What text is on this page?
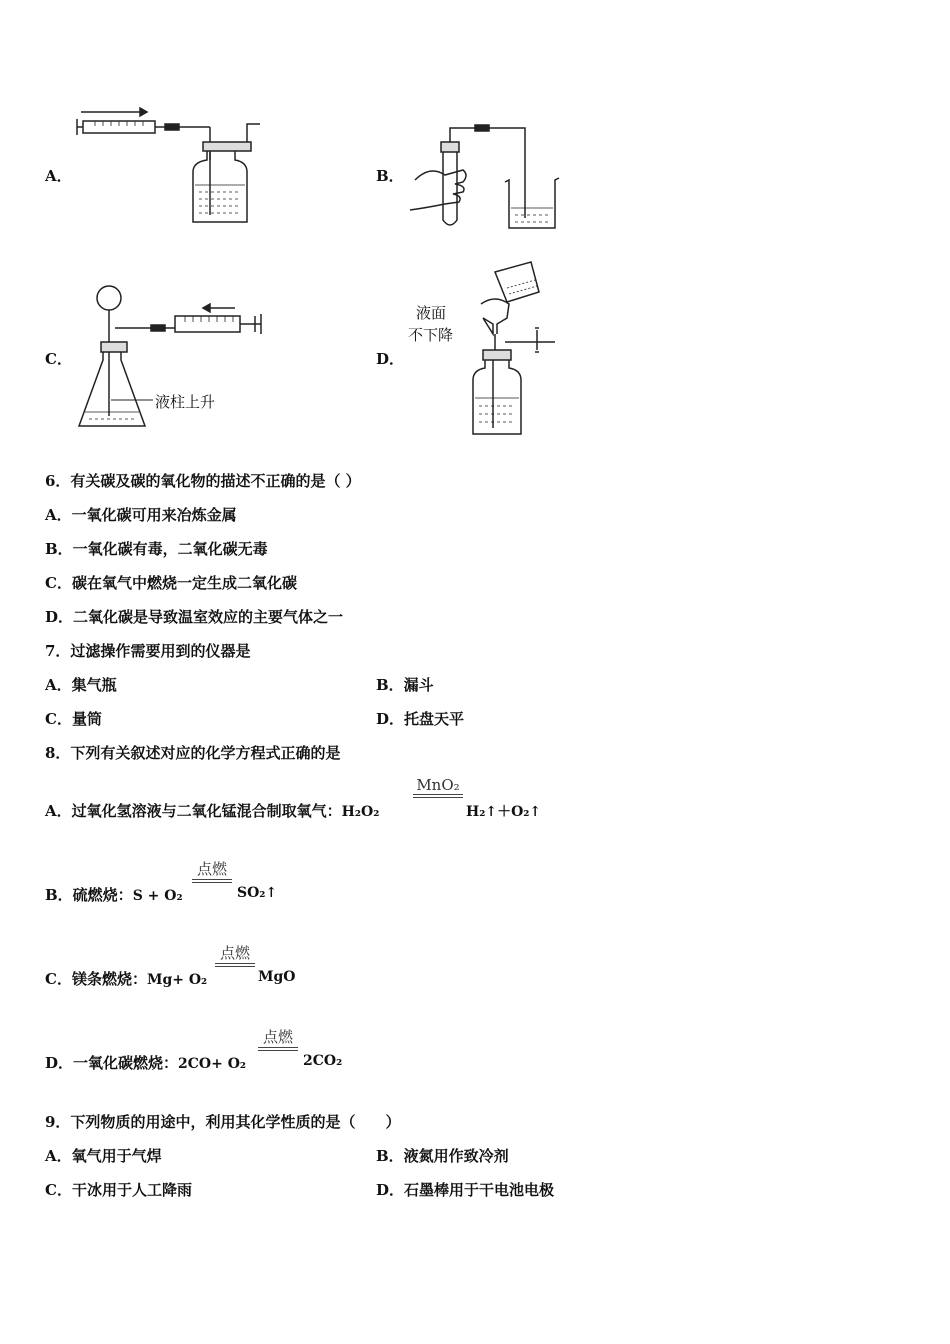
A．	B．
C．	D．
液柱上升
液面
不下降
6．有关碳及碳的氧化物的描述不正确的是（ ）
A．一氧化碳可用来冶炼金属
B．一氧化碳有毒，二氧化碳无毒
C．碳在氧气中燃烧一定生成二氧化碳
D．二氧化碳是导致温室效应的主要气体之一
7．过滤操作需要用到的仪器是
A．集气瓶	B．漏斗
C．量筒	D．托盘天平
8．下列有关叙述对应的化学方程式正确的是
A．过氧化氢溶液与二氧化锰混合制取氧气：H₂O₂
MnO₂
H₂↑＋O₂↑
B．硫燃烧：S + O₂
点燃
SO₂↑
C．镁条燃烧：Mg+ O₂
点燃
MgO
D．一氧化碳燃烧：2CO+ O₂
点燃
2CO₂
9．下列物质的用途中，利用其化学性质的是（　　）
A．氧气用于气焊	B．液氮用作致冷剂
C．干冰用于人工降雨	D．石墨棒用于干电池电极
